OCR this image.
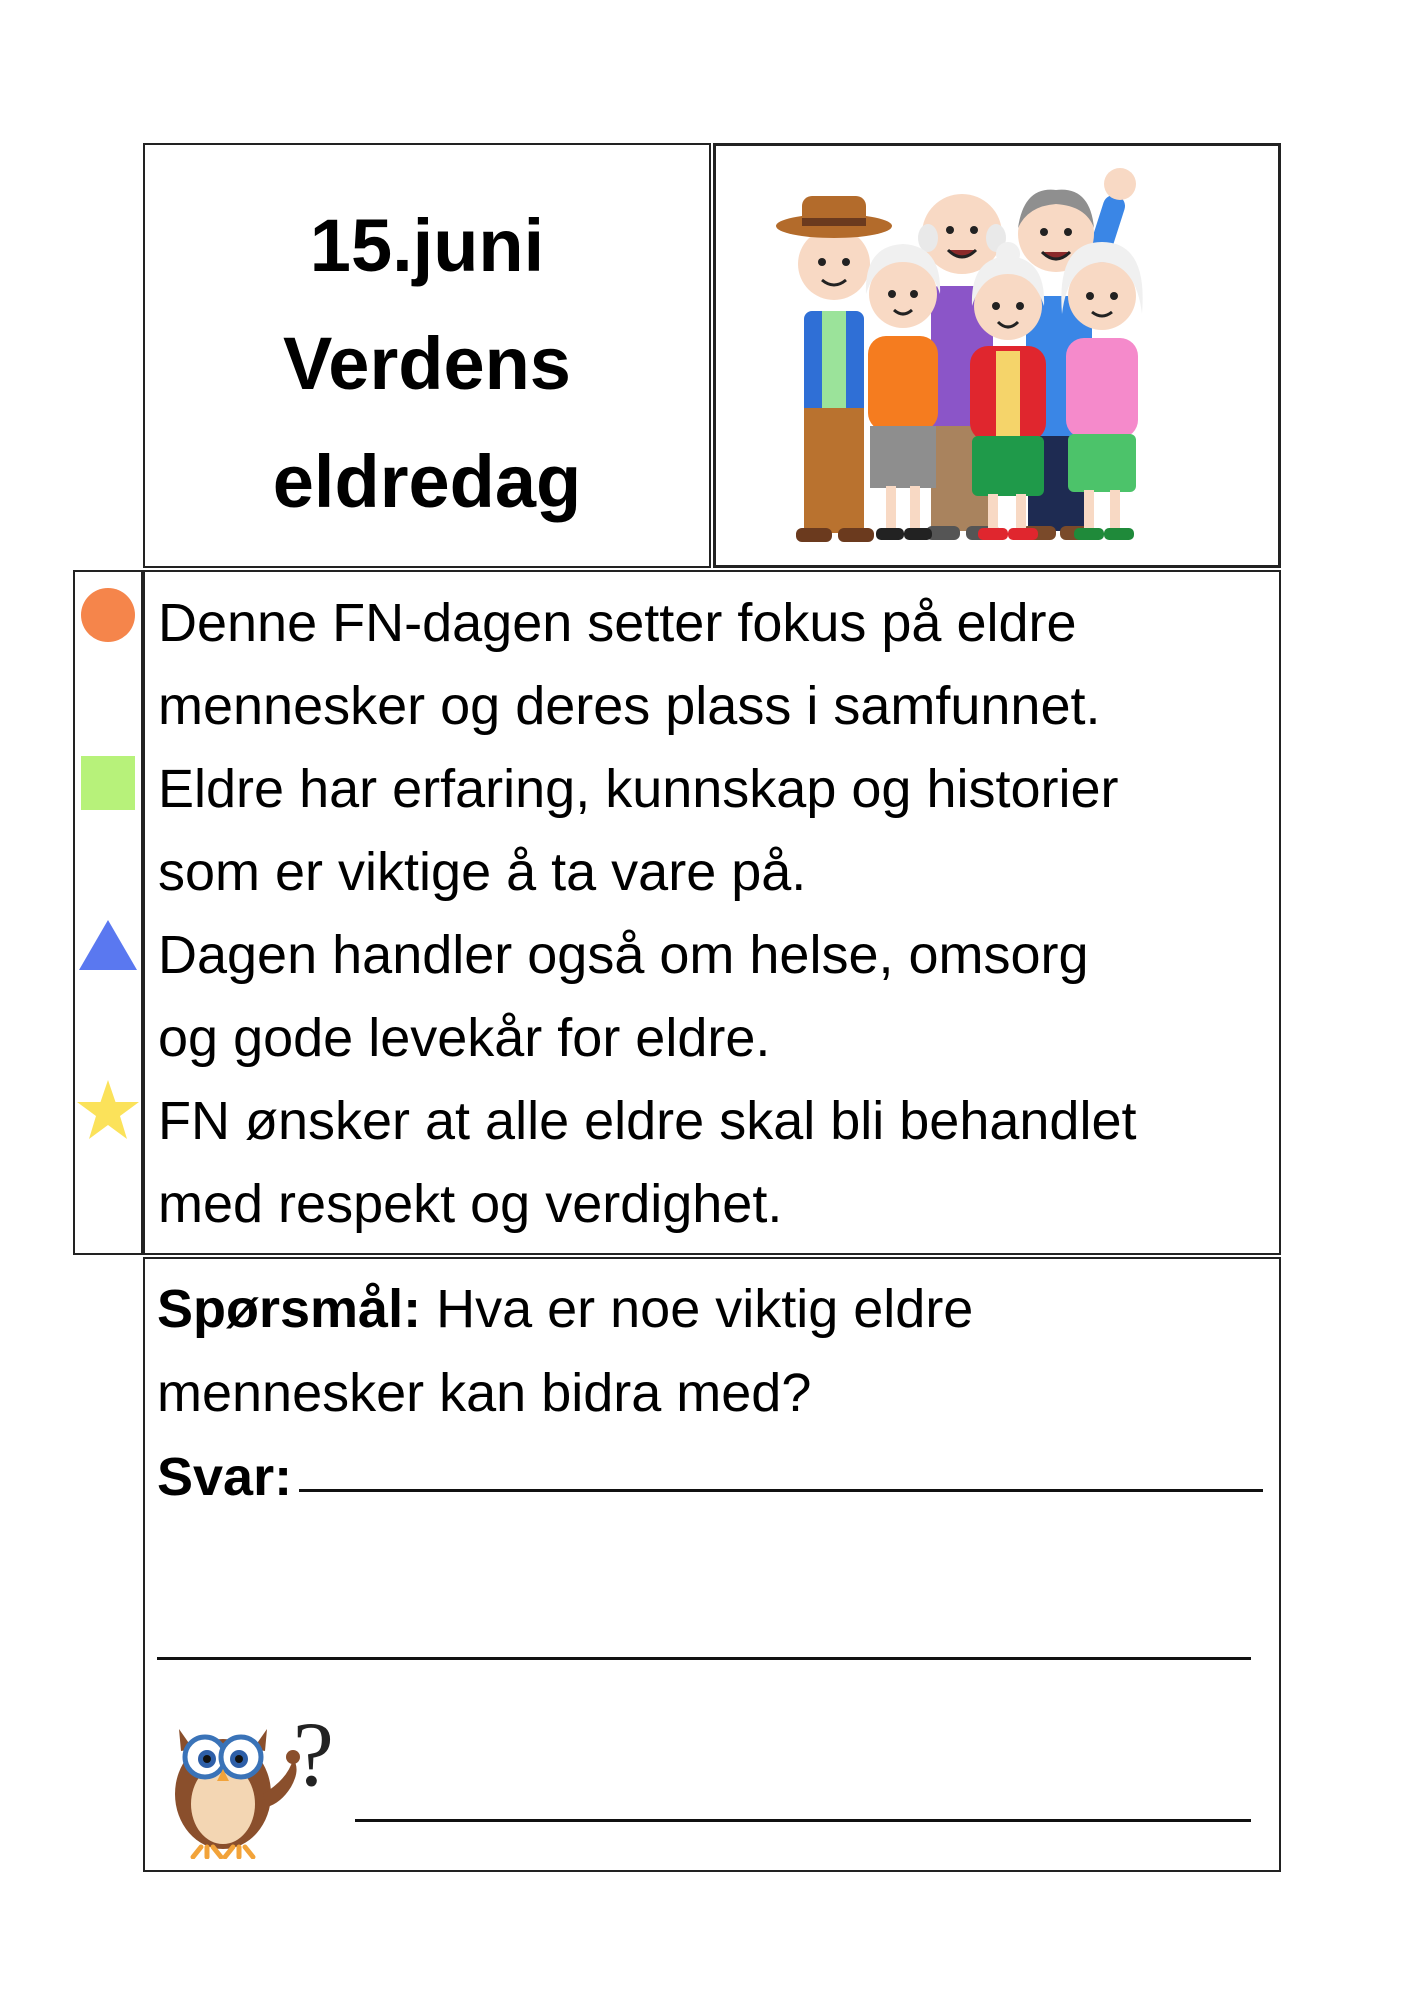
15.juni
Verdens
eldredag
Denne FN-dagen setter fokus på eldre
mennesker og deres plass i samfunnet.
Eldre har erfaring, kunnskap og historier
som er viktige å ta vare på.
Dagen handler også om helse, omsorg
og gode levekår for eldre.
FN ønsker at alle eldre skal bli behandlet
med respekt og verdighet.
Spørsmål: Hva er noe viktig eldre
mennesker kan bidra med?
Svar:
?
